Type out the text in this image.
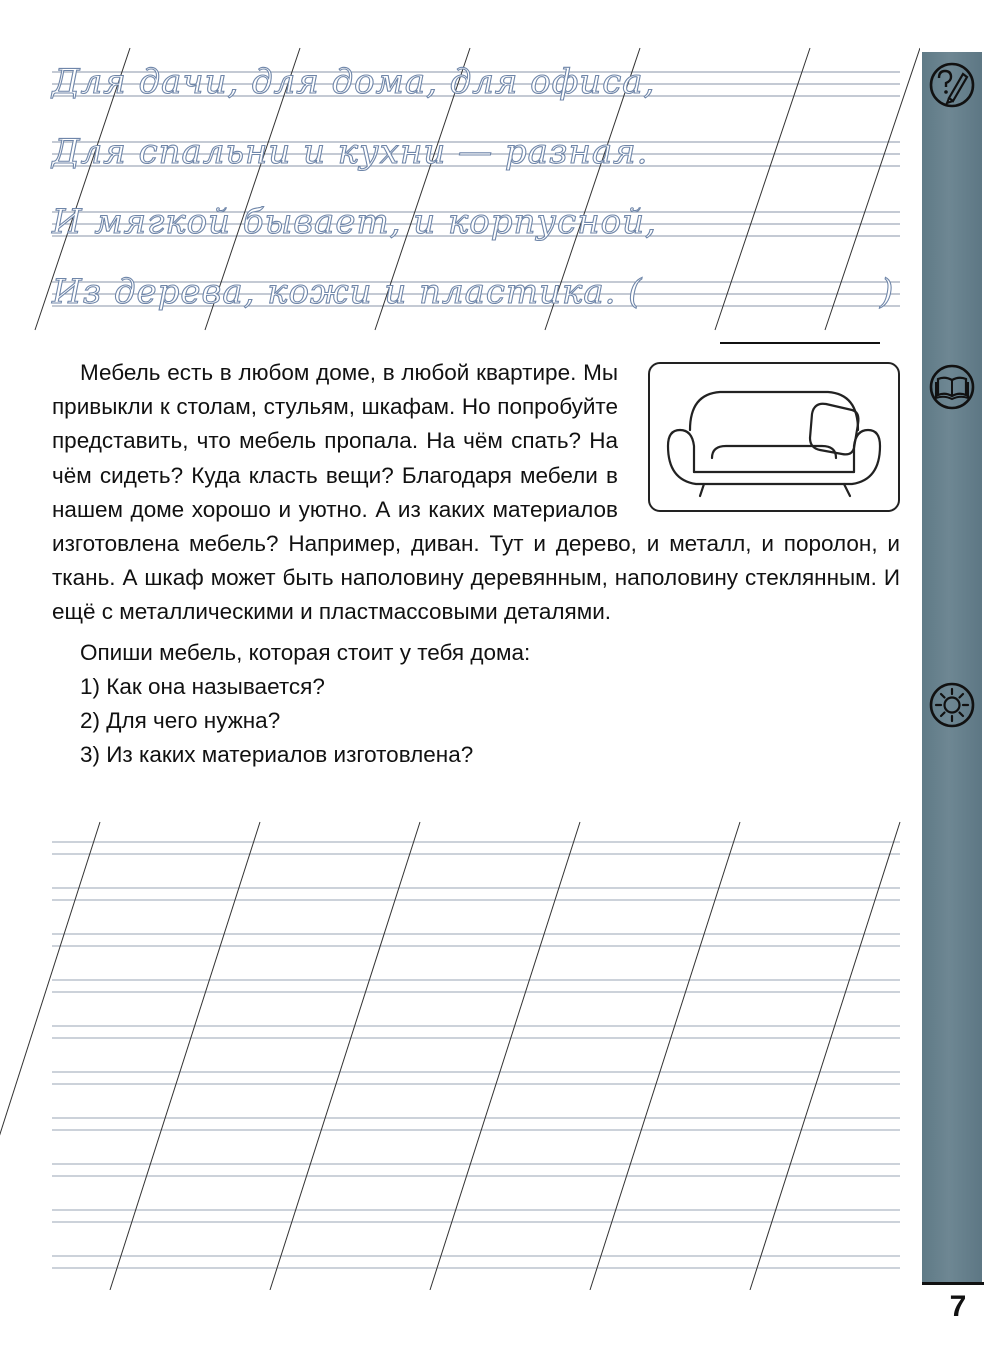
Для дачи, для дома, для офиса,

Для спальни и кухни — разная.

И мягкой бывает, и корпусной,

Из дерева, кожи и пластика. (	)

Мебель есть в любом доме, в любой квартире. Мы привыкли к столам, стульям, шкафам. Но попробуйте представить, что мебель пропала. На чём спать? На чём сидеть? Куда класть вещи? Благодаря мебели в нашем доме хорошо и уютно. А из каких материалов изготовлена мебель? Например, диван. Тут и дерево, и металл, и поролон, и ткань. А шкаф может быть наполовину деревянным, наполовину стеклянным. И ещё с металлическими и пластмассовыми деталями.

Опиши мебель, которая стоит у тебя дома:

1) Как она называется?

2) Для чего нужна?

3) Из каких материалов изготовлена?

7
